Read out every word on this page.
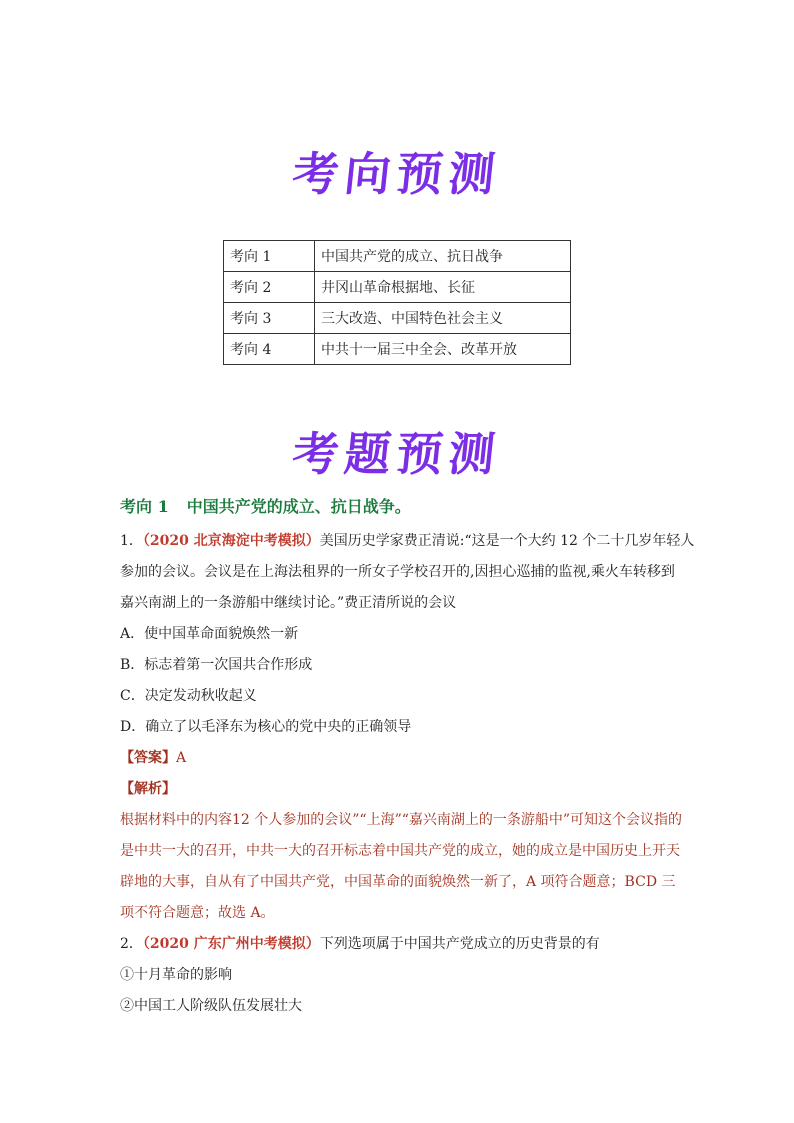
考向预测
考向 1	中国共产党的成立、抗日战争
考向 2	井冈山革命根据地、长征
考向 3	三大改造、中国特色社会主义
考向 4	中共十一届三中全会、改革开放
考题预测
考向 1 中国共产党的成立、抗日战争。
1．（2020 北京海淀中考模拟）美国历史学家费正清说:“这是一个大约 12 个二十几岁年轻人
参加的会议。会议是在上海法租界的一所女子学校召开的,因担心巡捕的监视,乘火车转移到
嘉兴南湖上的一条游船中继续讨论。”费正清所说的会议
A．使中国革命面貌焕然一新
B．标志着第一次国共合作形成
C．决定发动秋收起义
D．确立了以毛泽东为核心的党中央的正确领导
【答案】A
【解析】
根据材料中的内容12 个人参加的会议”“上海”“嘉兴南湖上的一条游船中”可知这个会议指的
是中共一大的召开，中共一大的召开标志着中国共产党的成立，她的成立是中国历史上开天
辟地的大事，自从有了中国共产党，中国革命的面貌焕然一新了，A 项符合题意；BCD 三
项不符合题意；故选 A。
2．（2020 广东广州中考模拟）下列选项属于中国共产党成立的历史背景的有
①十月革命的影响
②中国工人阶级队伍发展壮大
